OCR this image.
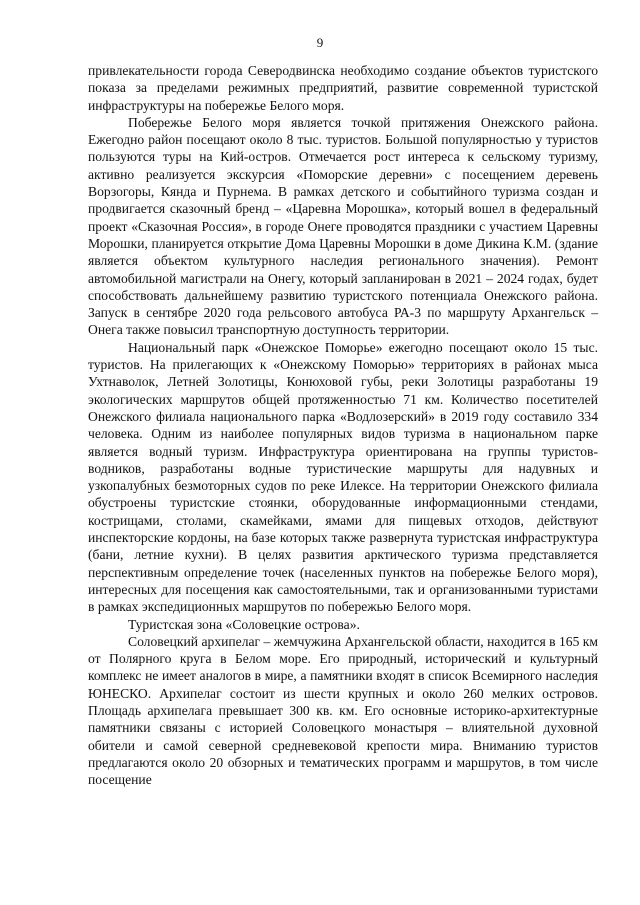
9

привлекательности города Северодвинска необходимо создание объектов туристского показа за пределами режимных предприятий, развитие современной туристской инфраструктуры на побережье Белого моря.

Побережье Белого моря является точкой притяжения Онежского района. Ежегодно район посещают около 8 тыс. туристов. Большой популярностью у туристов пользуются туры на Кий-остров. Отмечается рост интереса к сельскому туризму, активно реализуется экскурсия «Поморские деревни» с посещением деревень Ворзогоры, Кянда и Пурнема. В рамках детского и событийного туризма создан и продвигается сказочный бренд – «Царевна Морошка», который вошел в федеральный проект «Сказочная Россия», в городе Онеге проводятся праздники с участием Царевны Морошки, планируется открытие Дома Царевны Морошки в доме Дикина К.М. (здание является объектом культурного наследия регионального значения). Ремонт автомобильной магистрали на Онегу, который запланирован в 2021 – 2024 годах, будет способствовать дальнейшему развитию туристского потенциала Онежского района. Запуск в сентябре 2020 года рельсового автобуса РА-3 по маршруту Архангельск – Онега также повысил транспортную доступность территории.

Национальный парк «Онежское Поморье» ежегодно посещают около 15 тыс. туристов. На прилегающих к «Онежскому Поморью» территориях в районах мыса Ухтнаволок, Летней Золотицы, Конюховой губы, реки Золотицы разработаны 19 экологических маршрутов общей протяженностью 71 км. Количество посетителей Онежского филиала национального парка «Водлозерский» в 2019 году составило 334 человека. Одним из наиболее популярных видов туризма в национальном парке является водный туризм. Инфраструктура ориентирована на группы туристов-водников, разработаны водные туристические маршруты для надувных и узкопалубных безмоторных судов по реке Илексе. На территории Онежского филиала обустроены туристские стоянки, оборудованные информационными стендами, кострищами, столами, скамейками, ямами для пищевых отходов, действуют инспекторские кордоны, на базе которых также развернута туристская инфраструктура (бани, летние кухни). В целях развития арктического туризма представляется перспективным определение точек (населенных пунктов на побережье Белого моря), интересных для посещения как самостоятельными, так и организованными туристами в рамках экспедиционных маршрутов по побережью Белого моря.

Туристская зона «Соловецкие острова».

Соловецкий архипелаг – жемчужина Архангельской области, находится в 165 км от Полярного круга в Белом море. Его природный, исторический и культурный комплекс не имеет аналогов в мире, а памятники входят в список Всемирного наследия ЮНЕСКО. Архипелаг состоит из шести крупных и около 260 мелких островов. Площадь архипелага превышает 300 кв. км. Его основные историко-архитектурные памятники связаны с историей Соловецкого монастыря – влиятельной духовной обители и самой северной средневековой крепости мира. Вниманию туристов предлагаются около 20 обзорных и тематических программ и маршрутов, в том числе посещение
